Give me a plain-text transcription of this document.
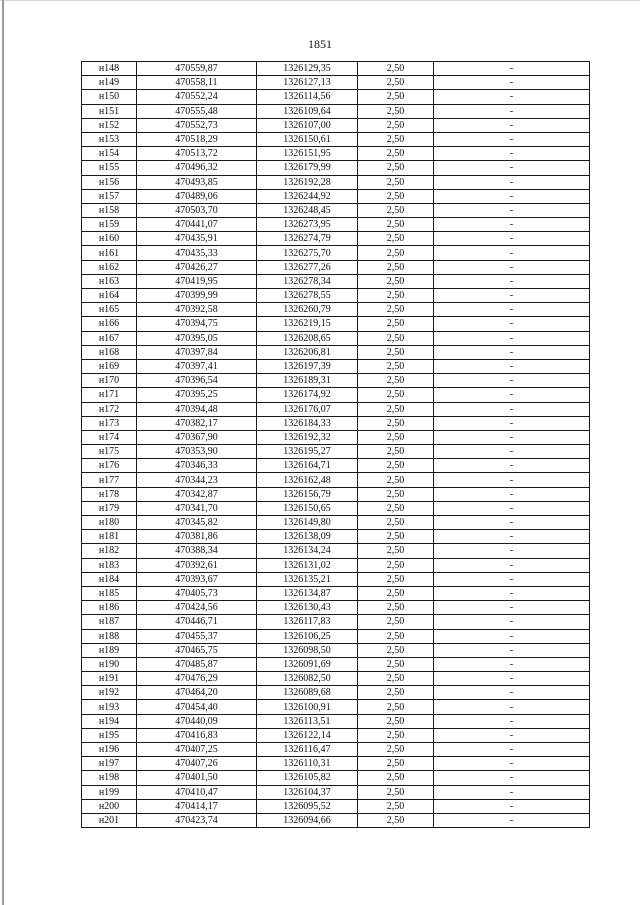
1851
н148	470559,87	1326129,35	2,50	-
н149	470558,11	1326127,13	2,50	-
н150	470552,24	1326114,56	2,50	-
н151	470555,48	1326109,64	2,50	-
н152	470552,73	1326107,00	2,50	-
н153	470518,29	1326150,61	2,50	-
н154	470513,72	1326151,95	2,50	-
н155	470496,32	1326179,99	2,50	-
н156	470493,85	1326192,28	2,50	-
н157	470489,06	1326244,92	2,50	-
н158	470503,70	1326248,45	2,50	-
н159	470441,07	1326273,95	2,50	-
н160	470435,91	1326274,79	2,50	-
н161	470435,33	1326275,70	2,50	-
н162	470426,27	1326277,26	2,50	-
н163	470419,95	1326278,34	2,50	-
н164	470399,99	1326278,55	2,50	-
н165	470392,58	1326260,79	2,50	-
н166	470394,75	1326219,15	2,50	-
н167	470395,05	1326208,65	2,50	-
н168	470397,84	1326206,81	2,50	-
н169	470397,41	1326197,39	2,50	-
н170	470396,54	1326189,31	2,50	-
н171	470395,25	1326174,92	2,50	-
н172	470394,48	1326176,07	2,50	-
н173	470382,17	1326184,33	2,50	-
н174	470367,90	1326192,32	2,50	-
н175	470353,90	1326195,27	2,50	-
н176	470346,33	1326164,71	2,50	-
н177	470344,23	1326162,48	2,50	-
н178	470342,87	1326156,79	2,50	-
н179	470341,70	1326150,65	2,50	-
н180	470345,82	1326149,80	2,50	-
н181	470381,86	1326138,09	2,50	-
н182	470388,34	1326134,24	2,50	-
н183	470392,61	1326131,02	2,50	-
н184	470393,67	1326135,21	2,50	-
н185	470405,73	1326134,87	2,50	-
н186	470424,56	1326130,43	2,50	-
н187	470446,71	1326117,83	2,50	-
н188	470455,37	1326106,25	2,50	-
н189	470465,75	1326098,50	2,50	-
н190	470485,87	1326091,69	2,50	-
н191	470476,29	1326082,50	2,50	-
н192	470464,20	1326089,68	2,50	-
н193	470454,40	1326100,91	2,50	-
н194	470440,09	1326113,51	2,50	-
н195	470416,83	1326122,14	2,50	-
н196	470407,25	1326116,47	2,50	-
н197	470407,26	1326110,31	2,50	-
н198	470401,50	1326105,82	2,50	-
н199	470410,47	1326104,37	2,50	-
н200	470414,17	1326095,52	2,50	-
н201	470423,74	1326094,66	2,50	-
